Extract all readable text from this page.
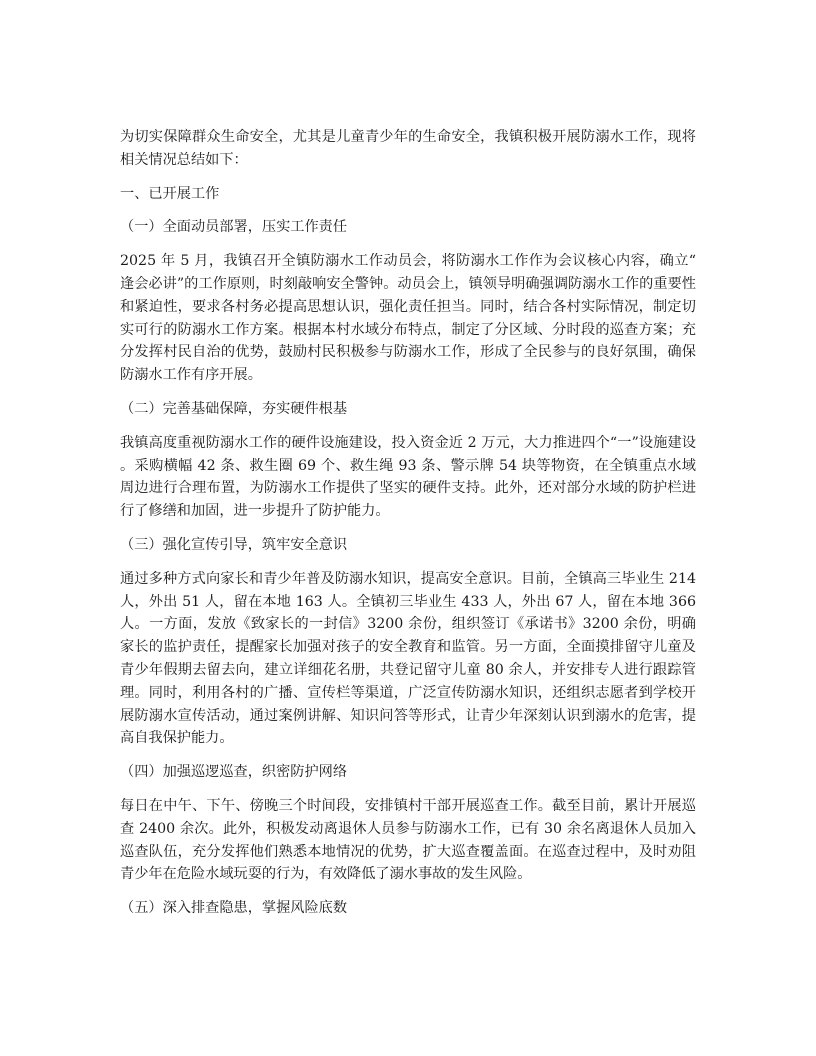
为切实保障群众生命安全，尤其是儿童青少年的生命安全，我镇积极开展防溺水工作，现将相关情况总结如下：

一、已开展工作

（一）全面动员部署，压实工作责任

2025 年 5 月，我镇召开全镇防溺水工作动员会，将防溺水工作作为会议核心内容，确立“逢会必讲”的工作原则，时刻敲响安全警钟。动员会上，镇领导明确强调防溺水工作的重要性和紧迫性，要求各村务必提高思想认识，强化责任担当。同时，结合各村实际情况，制定切实可行的防溺水工作方案。根据本村水域分布特点，制定了分区域、分时段的巡查方案；充分发挥村民自治的优势，鼓励村民积极参与防溺水工作，形成了全民参与的良好氛围，确保防溺水工作有序开展。

（二）完善基础保障，夯实硬件根基

我镇高度重视防溺水工作的硬件设施建设，投入资金近 2 万元，大力推进四个“一”设施建设。采购横幅 42 条、救生圈 69 个、救生绳 93 条、警示牌 54 块等物资，在全镇重点水域周边进行合理布置，为防溺水工作提供了坚实的硬件支持。此外，还对部分水域的防护栏进行了修缮和加固，进一步提升了防护能力。

（三）强化宣传引导，筑牢安全意识

通过多种方式向家长和青少年普及防溺水知识，提高安全意识。目前，全镇高三毕业生 214 人，外出 51 人，留在本地 163 人。全镇初三毕业生 433 人，外出 67 人，留在本地 366 人。一方面，发放《致家长的一封信》3200 余份，组织签订《承诺书》3200 余份，明确家长的监护责任，提醒家长加强对孩子的安全教育和监管。另一方面，全面摸排留守儿童及青少年假期去留去向，建立详细花名册，共登记留守儿童 80 余人，并安排专人进行跟踪管理。同时，利用各村的广播、宣传栏等渠道，广泛宣传防溺水知识，还组织志愿者到学校开展防溺水宣传活动，通过案例讲解、知识问答等形式，让青少年深刻认识到溺水的危害，提高自我保护能力。

（四）加强巡逻巡查，织密防护网络

每日在中午、下午、傍晚三个时间段，安排镇村干部开展巡查工作。截至目前，累计开展巡查 2400 余次。此外，积极发动离退休人员参与防溺水工作，已有 30 余名离退休人员加入巡查队伍，充分发挥他们熟悉本地情况的优势，扩大巡查覆盖面。在巡查过程中，及时劝阻青少年在危险水域玩耍的行为，有效降低了溺水事故的发生风险。

（五）深入排查隐患，掌握风险底数
